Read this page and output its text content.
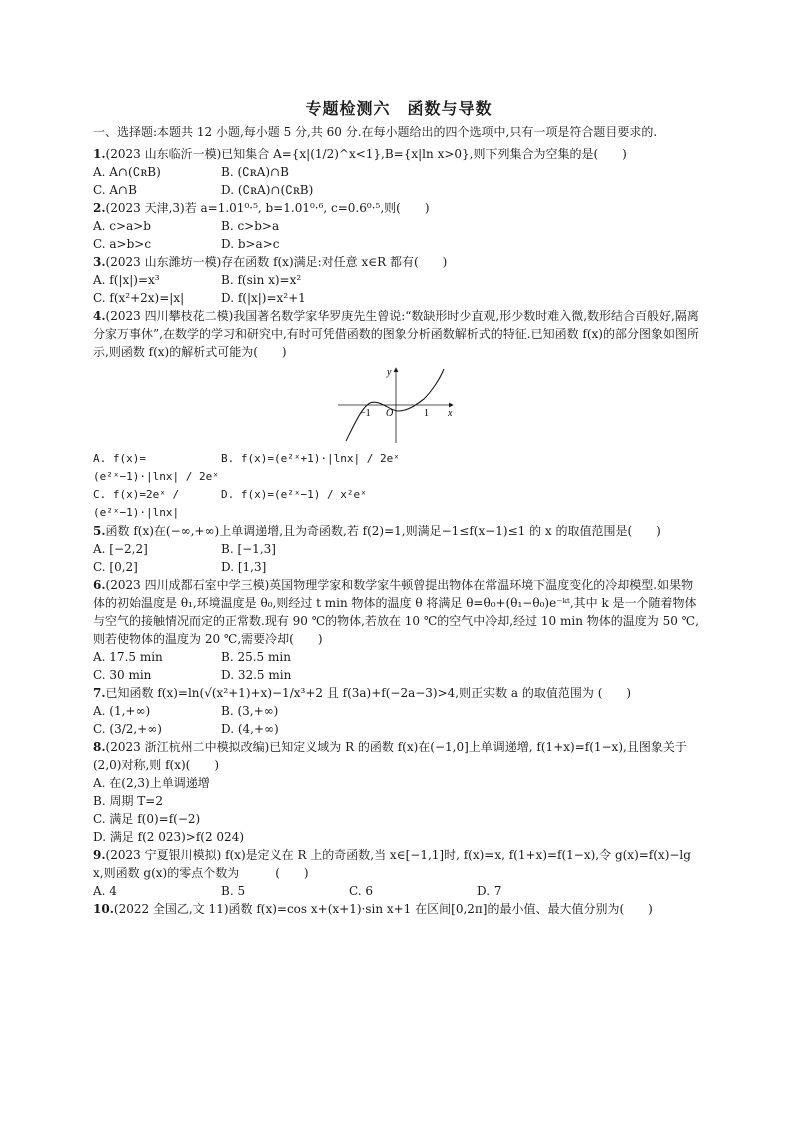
专题检测六　函数与导数

一、选择题:本题共 12 小题,每小题 5 分,共 60 分.在每小题给出的四个选项中,只有一项是符合题目要求的.

1.(2023 山东临沂一模)已知集合 A={x|(1/2)^x<1},B={x|ln x>0},则下列集合为空集的是(　　)

A. A∩(∁ʀB)	B. (∁ʀA)∩B
C. A∩B	D. (∁ʀA)∩(∁ʀB)

2.(2023 天津,3)若 a=1.01⁰·⁵, b=1.01⁰·⁶, c=0.6⁰·⁵,则(　　)

A. c>a>b	B. c>b>a
C. a>b>c	D. b>a>c

3.(2023 山东潍坊一模)存在函数 f(x)满足:对任意 x∈R 都有(　　)

A. f(|x|)=x³	B. f(sin x)=x²
C. f(x²+2x)=|x|	D. f(|x|)=x²+1

4.(2023 四川攀枝花二模)我国著名数学家华罗庚先生曾说:“数缺形时少直观,形少数时难入微,数形结合百般好,隔离分家万事休”,在数学的学习和研究中,有时可凭借函数的图象分析函数解析式的特征.已知函数 f(x)的部分图象如图所示,则函数 f(x)的解析式可能为(　　)

y
x
O
−1	1
A. f(x)=(e²ˣ−1)·|lnx| / 2eˣ
B. f(x)=(e²ˣ+1)·|lnx| / 2eˣ
C. f(x)=2eˣ / (e²ˣ−1)·|lnx|
D. f(x)=(e²ˣ−1) / x²eˣ

5.函数 f(x)在(−∞,+∞)上单调递增,且为奇函数,若 f(2)=1,则满足−1≤f(x−1)≤1 的 x 的取值范围是(　　)

A. [−2,2]	B. [−1,3]
C. [0,2]	D. [1,3]

6.(2023 四川成都石室中学三模)英国物理学家和数学家牛顿曾提出物体在常温环境下温度变化的冷却模型.如果物体的初始温度是 θ₁,环境温度是 θ₀,则经过 t min 物体的温度 θ 将满足 θ=θ₀+(θ₁−θ₀)e⁻ᵏᵗ,其中 k 是一个随着物体与空气的接触情况而定的正常数.现有 90 ℃的物体,若放在 10 ℃的空气中冷却,经过 10 min 物体的温度为 50 ℃,则若使物体的温度为 20 ℃,需要冷却(　　)

A. 17.5 min	B. 25.5 min
C. 30 min	D. 32.5 min

7.已知函数 f(x)=ln(√(x²+1)+x)−1/x³+2 且 f(3a)+f(−2a−3)>4,则正实数 a 的取值范围为 (　　)

A. (1,+∞)	B. (3,+∞)
C. (3/2,+∞)	D. (4,+∞)

8.(2023 浙江杭州二中模拟改编)已知定义域为 R 的函数 f(x)在(−1,0]上单调递增, f(1+x)=f(1−x),且图象关于(2,0)对称,则 f(x)(　　)

A. 在(2,3)上单调递增
B. 周期 T=2
C. 满足 f(0)=f(−2)
D. 满足 f(2 023)>f(2 024)

9.(2023 宁夏银川模拟) f(x)是定义在 R 上的奇函数,当 x∈[−1,1]时, f(x)=x, f(1+x)=f(1−x),令 g(x)=f(x)−lg x,则函数 g(x)的零点个数为　　　(　　)

A. 4	B. 5	C. 6	D. 7

10.(2022 全国乙,文 11)函数 f(x)=cos x+(x+1)·sin x+1 在区间[0,2π]的最小值、最大值分别为(　　)
